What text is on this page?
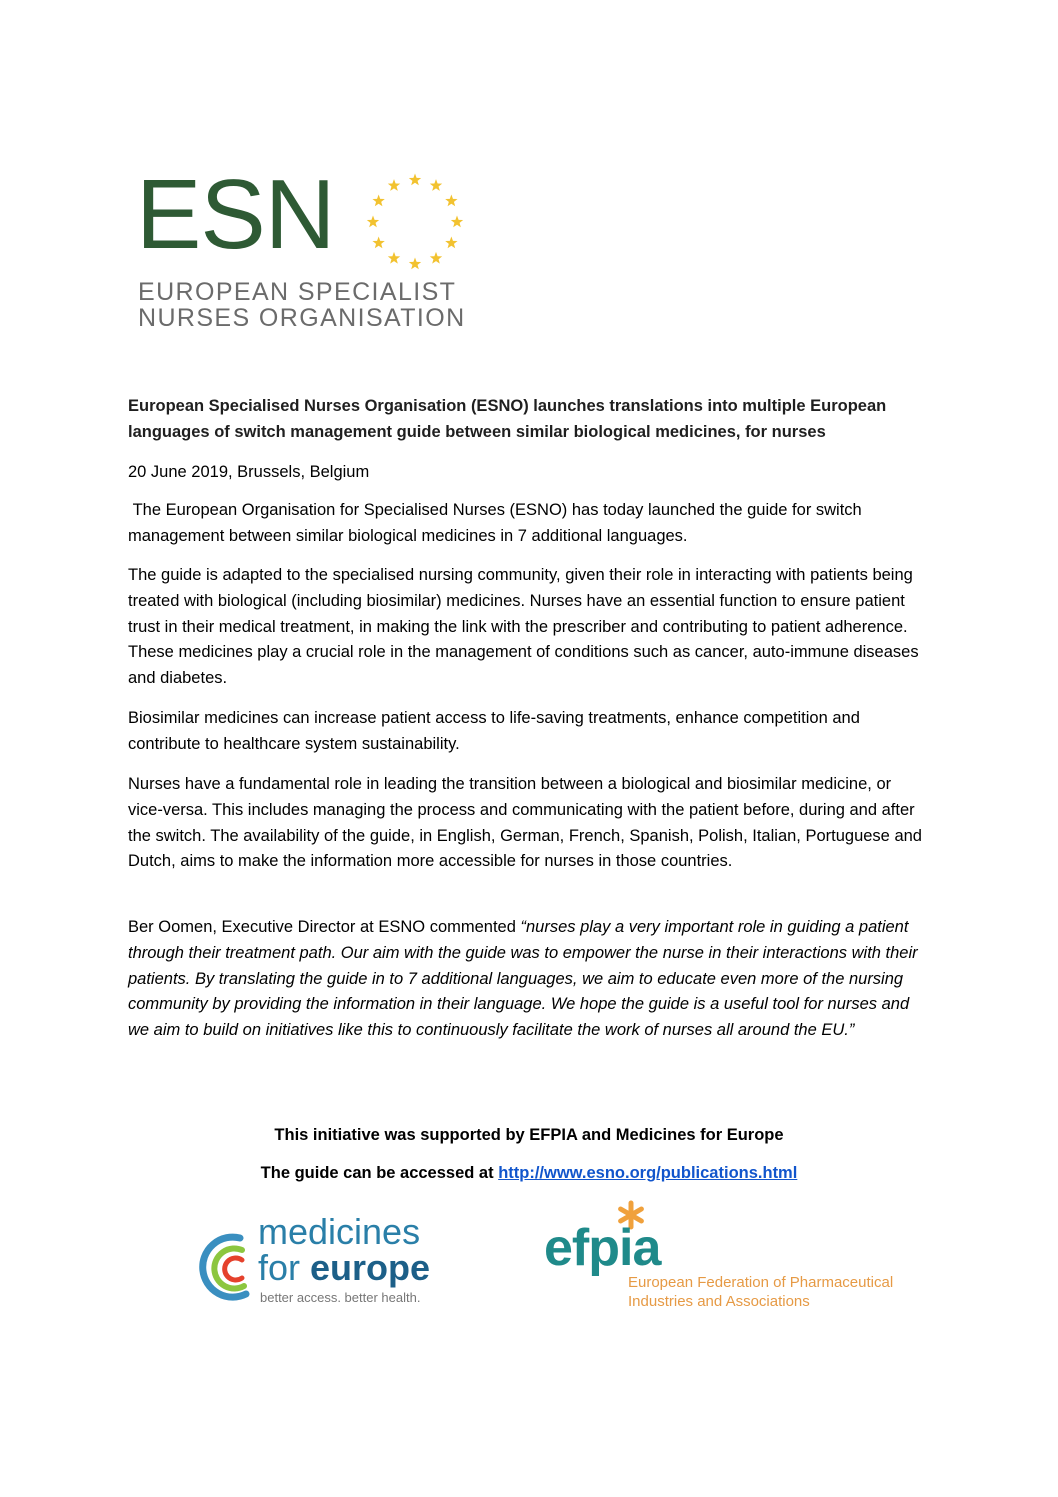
ESN
EUROPEAN SPECIALIST
NURSES ORGANISATION
European Specialised Nurses Organisation (ESNO) launches translations into multiple European languages of switch management guide between similar biological medicines, for nurses
20 June 2019, Brussels, Belgium
The European Organisation for Specialised Nurses (ESNO) has today launched the guide for switch management between similar biological medicines in 7 additional languages.
The guide is adapted to the specialised nursing community, given their role in interacting with patients being treated with biological (including biosimilar) medicines. Nurses have an essential function to ensure patient trust in their medical treatment, in making the link with the prescriber and contributing to patient adherence. These medicines play a crucial role in the management of conditions such as cancer, auto-immune diseases and diabetes.
Biosimilar medicines can increase patient access to life-saving treatments, enhance competition and contribute to healthcare system sustainability.
Nurses have a fundamental role in leading the transition between a biological and biosimilar medicine, or vice-versa. This includes managing the process and communicating with the patient before, during and after the switch. The availability of the guide, in English, German, French, Spanish, Polish, Italian, Portuguese and Dutch, aims to make the information more accessible for nurses in those countries.
Ber Oomen, Executive Director at ESNO commented “nurses play a very important role in guiding a patient through their treatment path. Our aim with the guide was to empower the nurse in their interactions with their patients. By translating the guide in to 7 additional languages, we aim to educate even more of the nursing community by providing the information in their language. We hope the guide is a useful tool for nurses and we aim to build on initiatives like this to continuously facilitate the work of nurses all around the EU.”
This initiative was supported by EFPIA and Medicines for Europe
The guide can be accessed at http://www.esno.org/publications.html
medicines
for europe
better access. better health.
efpia
European Federation of Pharmaceutical
Industries and Associations
